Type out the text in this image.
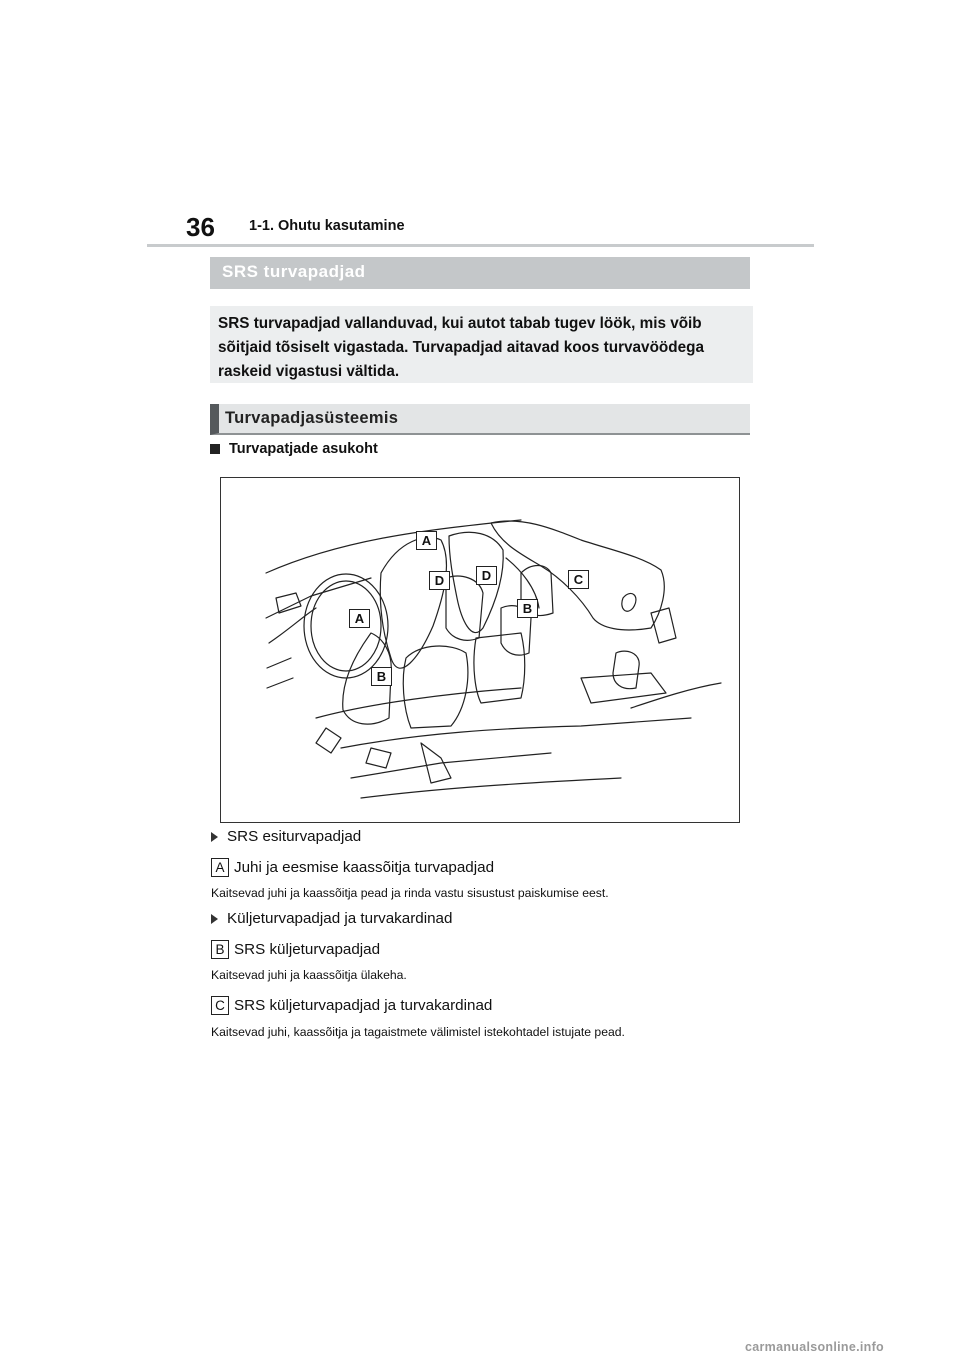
36 1-1. Ohutu kasutamine
SRS turvapadjad

SRS turvapadjad vallanduvad, kui autot tabab tugev löök, mis võib sõitjaid tõsiselt vigastada. Turvapadjad aitavad koos turvavöödega raskeid vigastusi vältida.

Turvapadjasüsteemis
Turvapatjade asukoht
A
D	D	C
B
A
B
SRS esiturvapadjad
A Juhi ja eesmise kaassõitja turvapadjad
Kaitsevad juhi ja kaassõitja pead ja rinda vastu sisustust paiskumise eest.
Küljeturvapadjad ja turvakardinad
B SRS küljeturvapadjad
Kaitsevad juhi ja kaassõitja ülakeha.
C SRS küljeturvapadjad ja turvakardinad
Kaitsevad juhi, kaassõitja ja tagaistmete välimistel istekohtadel istujate pead.
carmanualsonline.info
